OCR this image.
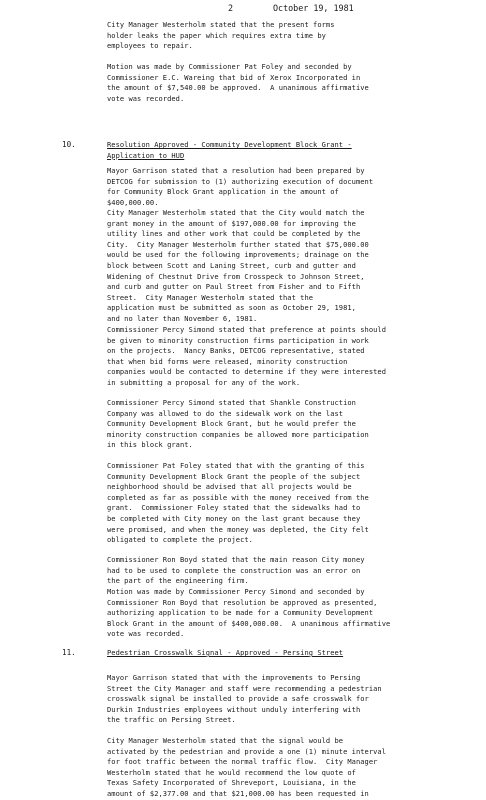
2	October 19, 1981

City Manager Westerholm stated that the present forms
holder leaks the paper which requires extra time by
employees to repair.

Motion was made by Commissioner Pat Foley and seconded by
Commissioner E.C. Wareing that bid of Xerox Incorporated in
the amount of $7,540.00 be approved.  A unanimous affirmative
vote was recorded.

10.	Resolution Approved - Community Development Block Grant -
Application to HUD

Mayor Garrison stated that a resolution had been prepared by
DETCOG for submission to (1) authorizing execution of document
for Community Block Grant application in the amount of
$400,000.00.

City Manager Westerholm stated that the City would match the
grant money in the amount of $197,000.00 for improving the
utility lines and other work that could be completed by the
City.  City Manager Westerholm further stated that $75,000.00
would be used for the following improvements; drainage on the
block between Scott and Laning Street, curb and gutter and
Widening of Chestnut Drive from Crosspeck to Johnson Street,
and curb and gutter on Paul Street from Fisher and to Fifth
Street.  City Manager Westerholm stated that the
application must be submitted as soon as October 29, 1981,
and no later than November 6, 1981.

Commissioner Percy Simond stated that preference at points should
be given to minority construction firms participation in work
on the projects.  Nancy Banks, DETCOG representative, stated
that when bid forms were released, minority construction
companies would be contacted to determine if they were interested
in submitting a proposal for any of the work.

Commissioner Percy Simond stated that Shankle Construction
Company was allowed to do the sidewalk work on the last
Community Development Block Grant, but he would prefer the
minority construction companies be allowed more participation
in this block grant.

Commissioner Pat Foley stated that with the granting of this
Community Development Block Grant the people of the subject
neighborhood should be advised that all projects would be
completed as far as possible with the money received from the
grant.  Commissioner Foley stated that the sidewalks had to
be completed with City money on the last grant because they
were promised, and when the money was depleted, the City felt
obligated to complete the project.

Commissioner Ron Boyd stated that the main reason City money
had to be used to complete the construction was an error on
the part of the engineering firm.

Motion was made by Commissioner Percy Simond and seconded by
Commissioner Ron Boyd that resolution be approved as presented,
authorizing application to be made for a Community Development
Block Grant in the amount of $400,000.00.  A unanimous affirmative
vote was recorded.

11.	Pedestrian Crosswalk Signal - Approved - Persing Street

Mayor Garrison stated that with the improvements to Persing
Street the City Manager and staff were recommending a pedestrian
crosswalk signal be installed to provide a safe crosswalk for
Durkin Industries employees without unduly interfering with
the traffic on Persing Street.

City Manager Westerholm stated that the signal would be
activated by the pedestrian and provide a one (1) minute interval
for foot traffic between the normal traffic flow.  City Manager
Westerholm stated that he would recommend the low quote of
Texas Safety Incorporated of Shreveport, Louisiana, in the
amount of $2,377.00 and that $21,000.00 has been requested in
